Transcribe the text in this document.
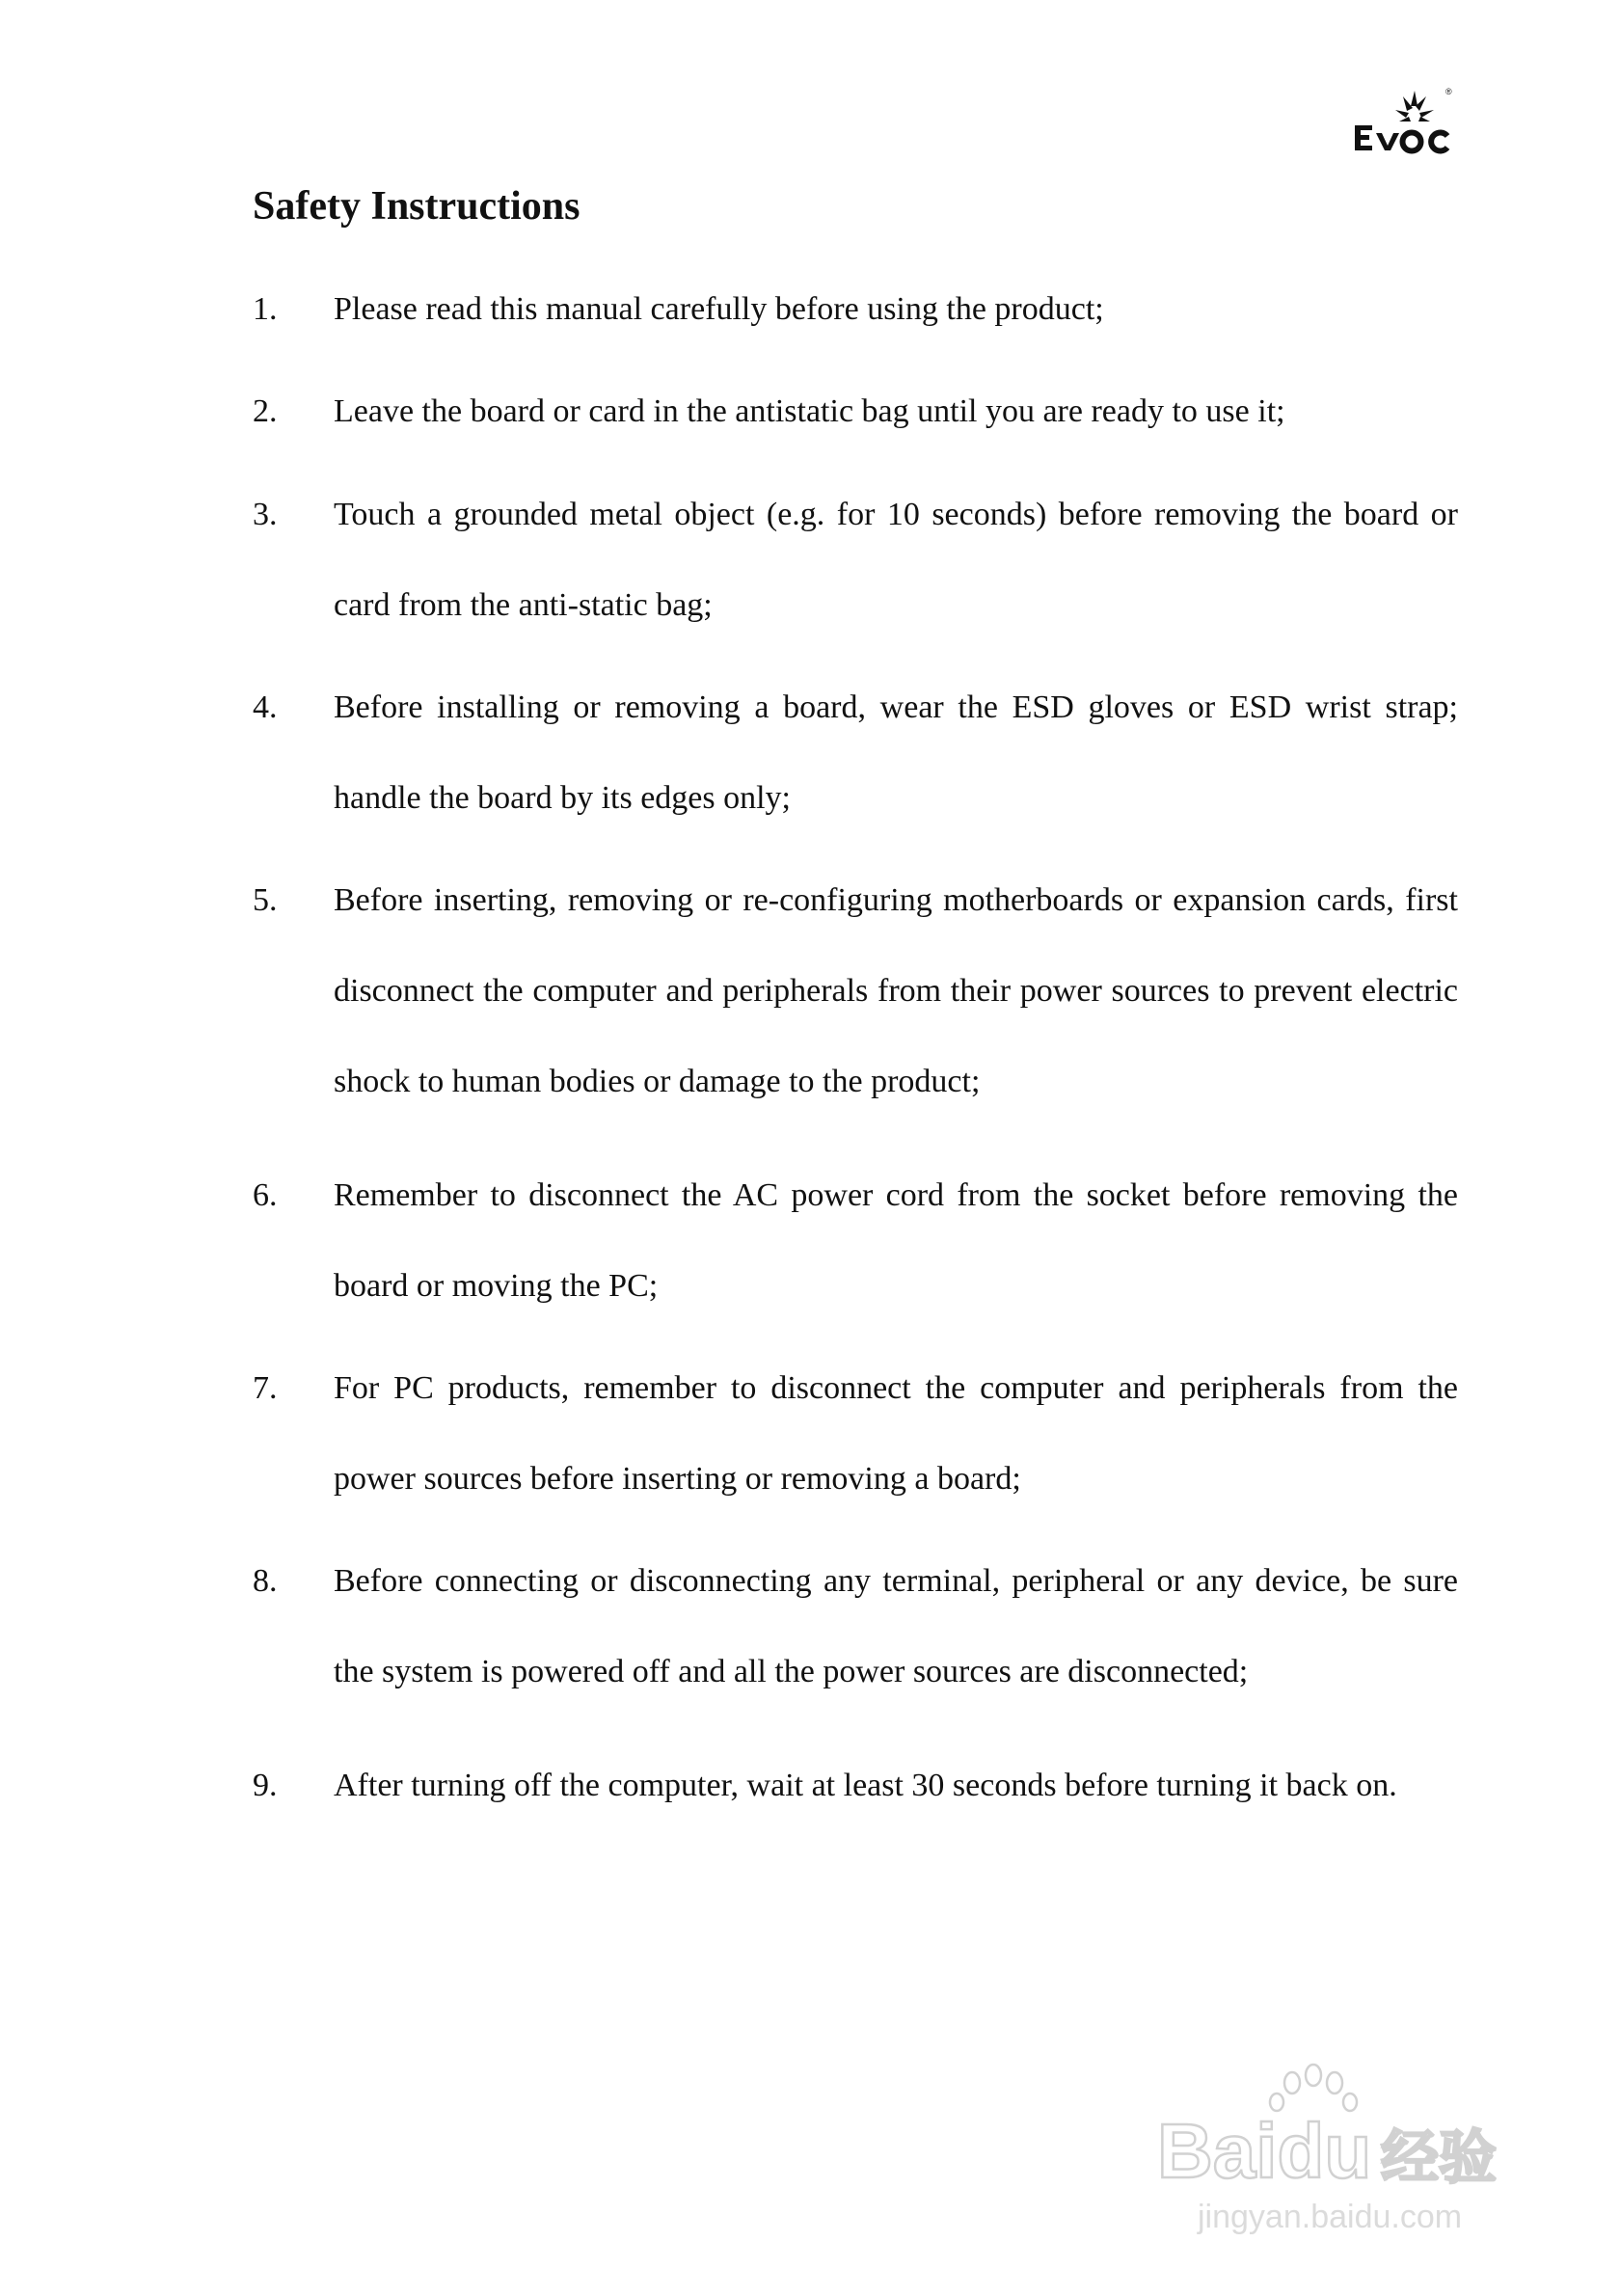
®
Safety Instructions
1. Please read this manual carefully before using the product;
2. Leave the board or card in the antistatic bag until you are ready to use it;
3. Touch a grounded metal object (e.g. for 10 seconds) before removing the board or card from the anti-static bag;
4. Before installing or removing a board, wear the ESD gloves or ESD wrist strap; handle the board by its edges only;
5. Before inserting, removing or re-configuring motherboards or expansion cards, first disconnect the computer and peripherals from their power sources to prevent electric shock to human bodies or damage to the product;
6. Remember to disconnect the AC power cord from the socket before removing the board or moving the PC;
7. For PC products, remember to disconnect the computer and peripherals from the power sources before inserting or removing a board;
8. Before connecting or disconnecting any terminal, peripheral or any device, be sure the system is powered off and all the power sources are disconnected;
9. After turning off the computer, wait at least 30 seconds before turning it back on.
Baidu 经验
jingyan.baidu.com
